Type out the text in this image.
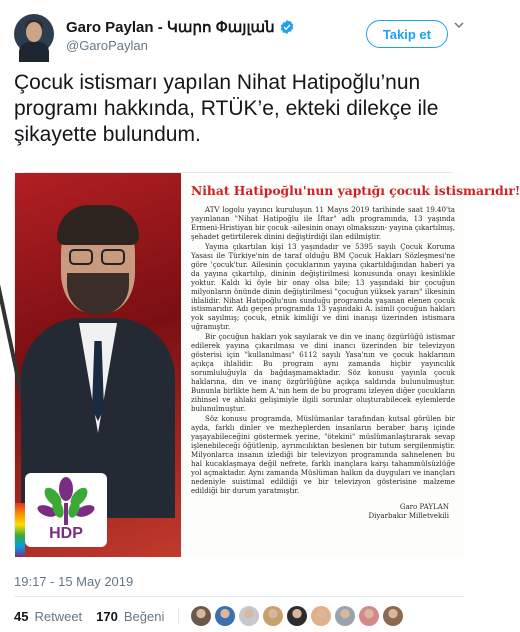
Garo Paylan - Կարո Փայլան
@GaroPaylan
Takip et
Çocuk istismarı yapılan Nihat Hatipoğlu’nun programı hakkında, RTÜK’e, ekteki dilekçe ile şikayette bulundum.
HDP
Nihat Hatipoğlu'nun yaptığı çocuk istismarıdır!

ATV logolu yayıncı kuruluşun 11 Mayıs 2019 tarihinde saat 19.40'ta yayınlanan "Nihat Hatipoğlu ile İftar" adlı programında, 13 yaşında Ermeni-Hristiyan bir çocuk -ailesinin onayı olmaksızın- yayına çıkartılmış, şehadet getirtilerek dinini değiştirdiği ilan edilmiştir.

Yayına çıkartılan kişi 13 yaşındadır ve 5395 sayılı Çocuk Koruma Yasası ile Türkiye'nin de taraf olduğu BM Çocuk Hakları Sözleşmesi'ne göre 'çocuk'tur. Ailesinin çocuklarının yayına çıkartıldığından haberi ya da yayına çıkartılıp, dininin değiştirilmesi konusunda onayı kesinlikle yoktur. Kaldı ki öyle bir onay olsa bile; 13 yaşındaki bir çocuğun milyonların önünde dinin değiştirilmesi "çocuğun yüksek yararı" ilkesinin ihlalidir. Nihat Hatipoğlu'nun sunduğu programda yaşanan elenen çocuk istismarıdır. Adı geçen programda 13 yaşındaki A. isimli çocuğun hakları yok sayılmış; çocuk, etnik kimliği ve dini inanışı üzerinden istismara uğramıştır.

Bir çocuğun hakları yok sayılarak ve din ve inanç özgürlüğü istismar edilerek yayına çıkarılması ve dini inancı üzerinden bir televizyon gösterisi için "kullanılması" 6112 sayılı Yasa'nın ve çocuk haklarının açıkça ihlalidir. Bu program aynı zamanda hiçbir yayıncılık sorumluluğuyla da bağdaşmamaktadır. Söz konusu yayınla çocuk haklarına, din ve inanç özgürlüğüne açıkça saldırıda bulunulmuştur. Bununla birlikte hem A.'nın hem de bu programı izleyen diğer çocukların zihinsel ve ahlaki gelişimiyle ilgili sorunlar oluşturabilecek eylemlerde bulunulmuştur.

Söz konusu programda, Müslümanlar tarafından kutsal görülen bir ayda, farklı dinler ve mezheplerden insanların beraber barış içinde yaşayabileceğini göstermek yerine, "ötekini" müslümanlaştırarak sevap işlenebileceği öğütlenip, ayrımcılıktan beslenen bir tutum sergilenmiştir. Milyonlarca insanın izlediği bir televizyon programında sahnelenen bu hal kucaklaşmaya değil nefrete, farklı inançlara karşı tahammülsüzlüğe yol açmaktadır. Aynı zamanda Müslüman halkın da duyguları ve inançları nedeniyle suistimal edildiği ve bir televizyon gösterisine malzeme edildiği bir durum yaratmıştır.

Garo PAYLAN
Diyarbakır Milletvekili
19:17 - 15 May 2019
45 Retweet 170 Beğeni
